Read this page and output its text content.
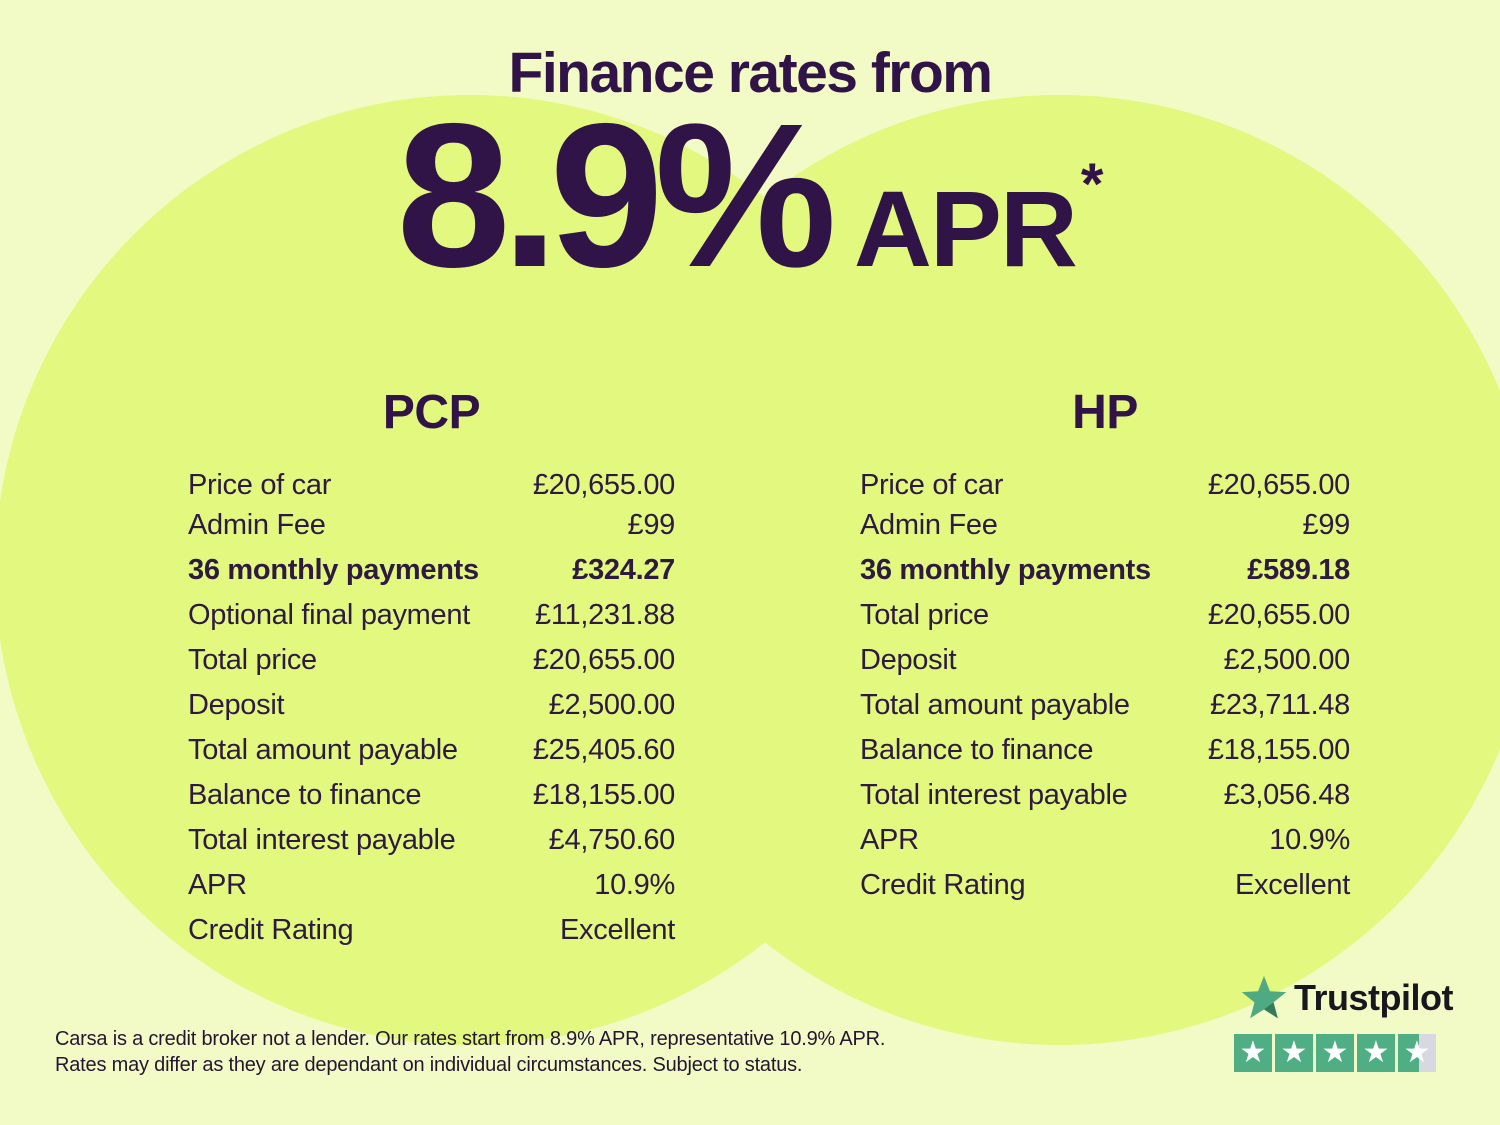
Finance rates from
8.9% APR *
PCP
Price of car	£20,655.00
Admin Fee	£99
36 monthly payments	£324.27
Optional final payment £11,231.88
Total price	£20,655.00
Deposit	£2,500.00
Total amount payable	£25,405.60
Balance to finance	£18,155.00
Total interest payable	£4,750.60
APR	10.9%
Credit Rating	Excellent
HP
Price of car	£20,655.00
Admin Fee	£99
36 monthly payments	£589.18
Total price	£20,655.00
Deposit	£2,500.00
Total amount payable	£23,711.48
Balance to finance	£18,155.00
Total interest payable	£3,056.48
APR	10.9%
Credit Rating	Excellent

Carsa is a credit broker not a lender. Our rates start from 8.9% APR, representative 10.9% APR.
Rates may differ as they are dependant on individual circumstances. Subject to status.

Trustpilot
★ ★ ★ ★ ★
